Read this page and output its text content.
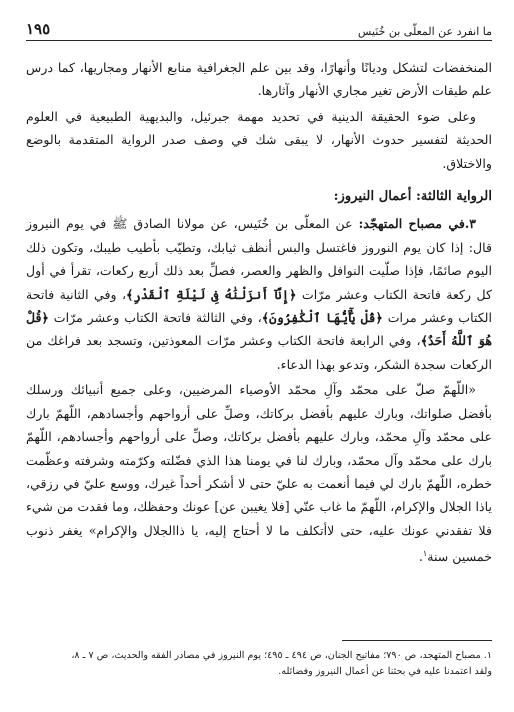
ما انفرد عن المعلّى بن خُنَيس
١٩٥

المنخفضات لتشكل وديانًا وأنهارًا، وقد بين علم الجغرافية منابع الأنهار ومجاريها، كما درس علم طبقات الأرض تغير مجاري الأنهار وآثارها.

وعلى ضوء الحقيقة الدينية في تحديد مهمة جبرئيل، والبديهية الطبيعية في العلوم الحديثة لتفسير حدوث الأنهار، لا يبقى شك في وصف صدر الرواية المتقدمة بالوضع والاختلاق.

الرواية الثالثة: أعمال النيروز:

٣.في مصباح المتهجّد: عن المعلّى بن خُنَيس، عن مولانا الصادق ﷺ في يوم النيروز قال: إذا كان يوم النوروز فاغتسل والبس أنظف ثيابك، وتطيّب بأطيب طيبك، وتكون ذلك اليوم صائمًا، فإذا صلّيت النوافل والظهر والعصر، فصلِّ بعد ذلك أربع ركعات، تقرأ في أول كل ركعة فاتحة الكتاب وعشر مرّات ﴿إِنَّآ أَنزَلْنَٰهُ فِى لَيْلَةِ ٱلْقَدْرِ﴾، وفي الثانية فاتحة الكتاب وعشر مرات ﴿قُلْ يَٰٓأَيُّهَا ٱلْكَٰفِرُونَ﴾، وفي الثالثة فاتحة الكتاب وعشر مرّات ﴿قُلْ هُوَ ٱللَّهُ أَحَدٌ﴾، وفي الرابعة فاتحة الكتاب وعشر مرّات المعوذتين، وتسجد بعد فراغك من الركعات سجدة الشكر، وتدعو بهذا الدعاء.

«اللّهمّ صلّ على محمّد وآلِ محمّد الأوصياء المرضيين، وعلى جميع أنبيائك ورسلك بأفضل صلواتك، وبارك عليهم بأفضل بركاتك، وصلِّ على أرواحهم وأجسادهم، اللّهمّ بارك على محمّد وآلِ محمّد، وبارك عليهم بأفضل بركاتك، وصلِّ على أرواحهم وأجسادهم، اللّهمّ بارك على محمّد وآل محمّد، وبارك لنا في يومنا هذا الذي فضّلته وكرّمته وشرفته وعظّمت خطره، اللّهمّ بارك لي فيما أنعمت به عليّ حتى لا أشكر أحداً غيرك، ووسع عليّ في رزقي، ياذا الجلال والإكرام، اللّهمّ ما غاب عنّي [فلا يغيبن عن] عونك وحفظك، وما فقدت من شيء فلا تفقدني عونك عليه، حتى لاأتكلف ما لا أحتاج إليه، يا ذاالجلال والإكرام» يغفر ذنوب خمسين سنة$^١$.

١. مصباح المتهجد، ص ٧٩٠؛ مفاتيح الجنان، ص ٤٩٤ ـ ٤٩٥؛ يوم النيروز في مصادر الفقه والحديث، ص ٧ ـ ٨،

ولقد اعتمدنا عليه في بحثنا عن أعمال النيروز وفضائله.
